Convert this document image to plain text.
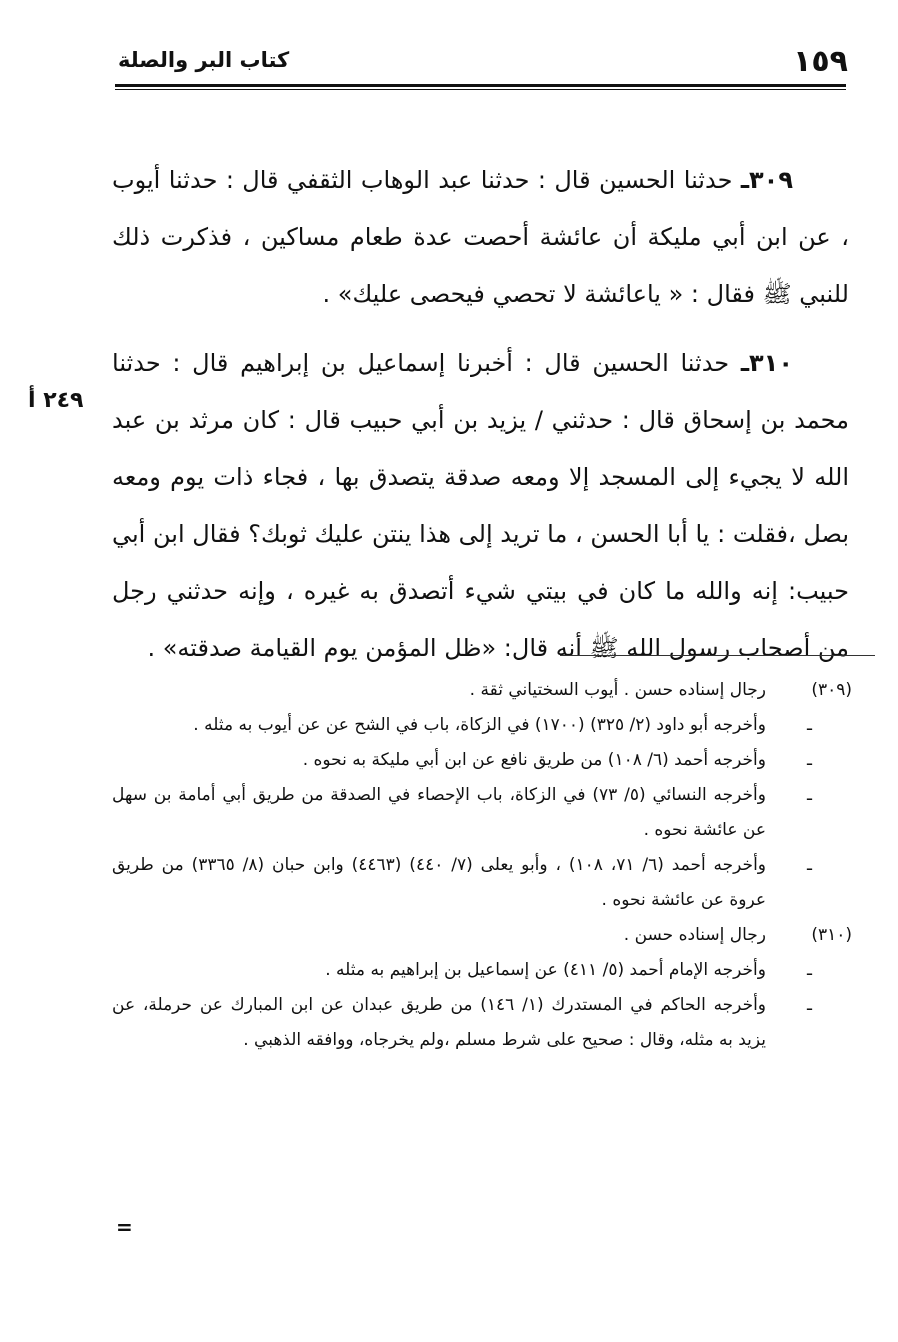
١٥٩
كتاب البر والصلة
٢٤٩ أ

٣٠٩ـ حدثنا الحسين قال : حدثنا عبد الوهاب الثقفي قال : حدثنا أيوب ، عن ابن أبي مليكة أن عائشة أحصت عدة طعام مساكين ، فذكرت ذلك للنبي ﷺ فقال : « ياعائشة لا تحصي فيحصى عليك» .

٣١٠ـ حدثنا الحسين قال : أخبرنا إسماعيل بن إبراهيم قال : حدثنا محمد بن إسحاق قال : حدثني / يزيد بن أبي حبيب قال : كان مرثد بن عبد الله لا يجيء إلى المسجد إلا ومعه صدقة يتصدق بها ، فجاء ذات يوم ومعه بصل ،فقلت : يا أبا الحسن ، ما تريد إلى هذا ينتن عليك ثوبك؟ فقال ابن أبي حبيب: إنه والله ما كان في بيتي شيء أتصدق به غيره ، وإنه حدثني رجل من أصحاب رسول الله ﷺ أنه قال: «ظل المؤمن يوم القيامة صدقته» .

(٣٠٩)
رجال إسناده حسن . أيوب السختياني ثقة .

ـ
وأخرجه أبو داود (٢/ ٣٢٥) (١٧٠٠) في الزكاة، باب في الشح عن عن أيوب به مثله .

ـ
وأخرجه أحمد (٦/ ١٠٨) من طريق نافع عن ابن أبي مليكة به نحوه .

ـ
وأخرجه النسائي (٥/ ٧٣) في الزكاة، باب الإحصاء في الصدقة من طريق أبي أمامة بن سهل عن عائشة نحوه .

ـ
وأخرجه أحمد (٦/ ٧١، ١٠٨) ، وأبو يعلى (٧/ ٤٤٠) (٤٤٦٣) وابن حبان (٨/ ٣٣٦٥) من طريق عروة عن عائشة نحوه .

(٣١٠)
رجال إسناده حسن .

ـ
وأخرجه الإمام أحمد (٥/ ٤١١) عن إسماعيل بن إبراهيم به مثله .

ـ
وأخرجه الحاكم في المستدرك (١/ ١٤٦) من طريق عبدان عن ابن المبارك عن حرملة، عن يزيد به مثله، وقال : صحيح على شرط مسلم ،ولم يخرجاه، ووافقه الذهبي .

=
